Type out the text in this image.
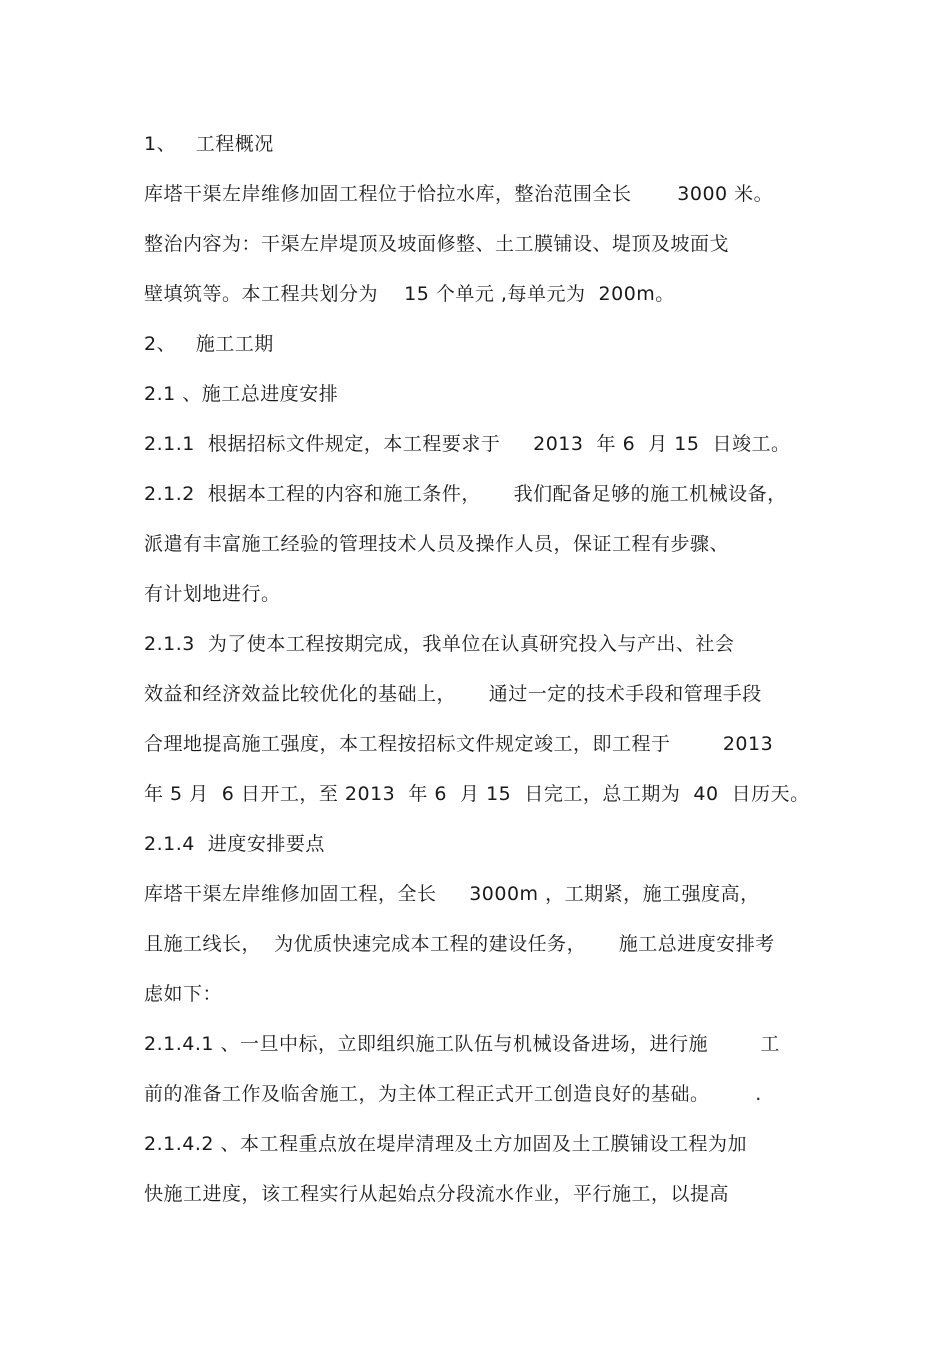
1、   工程概况
库塔干渠左岸维修加固工程位于恰拉水库，整治范围全长       3000 米。
整治内容为：干渠左岸堤顶及坡面修整、土工膜铺设、堤顶及坡面戈
壁填筑等。本工程共划分为    15 个单元 ,每单元为  200m。
2、   施工工期
2.1 、施工总进度安排
2.1.1  根据招标文件规定，本工程要求于     2013  年 6  月 15  日竣工。
2.1.2  根据本工程的内容和施工条件，     我们配备足够的施工机械设备，
派遣有丰富施工经验的管理技术人员及操作人员，保证工程有步骤、
有计划地进行。
2.1.3  为了使本工程按期完成，我单位在认真研究投入与产出、社会
效益和经济效益比较优化的基础上，     通过一定的技术手段和管理手段
合理地提高施工强度，本工程按招标文件规定竣工，即工程于        2013
年 5 月  6 日开工，至 2013  年 6  月 15  日完工，总工期为  40  日历天。
2.1.4  进度安排要点
库塔干渠左岸维修加固工程，全长     3000m ，工期紧，施工强度高，
且施工线长，  为优质快速完成本工程的建设任务，     施工总进度安排考
虑如下：
2.1.4.1 、一旦中标，立即组织施工队伍与机械设备进场，进行施        工
前的准备工作及临舍施工，为主体工程正式开工创造良好的基础。       .
2.1.4.2 、本工程重点放在堤岸清理及土方加固及土工膜铺设工程为加
快施工进度，该工程实行从起始点分段流水作业，平行施工，以提高
